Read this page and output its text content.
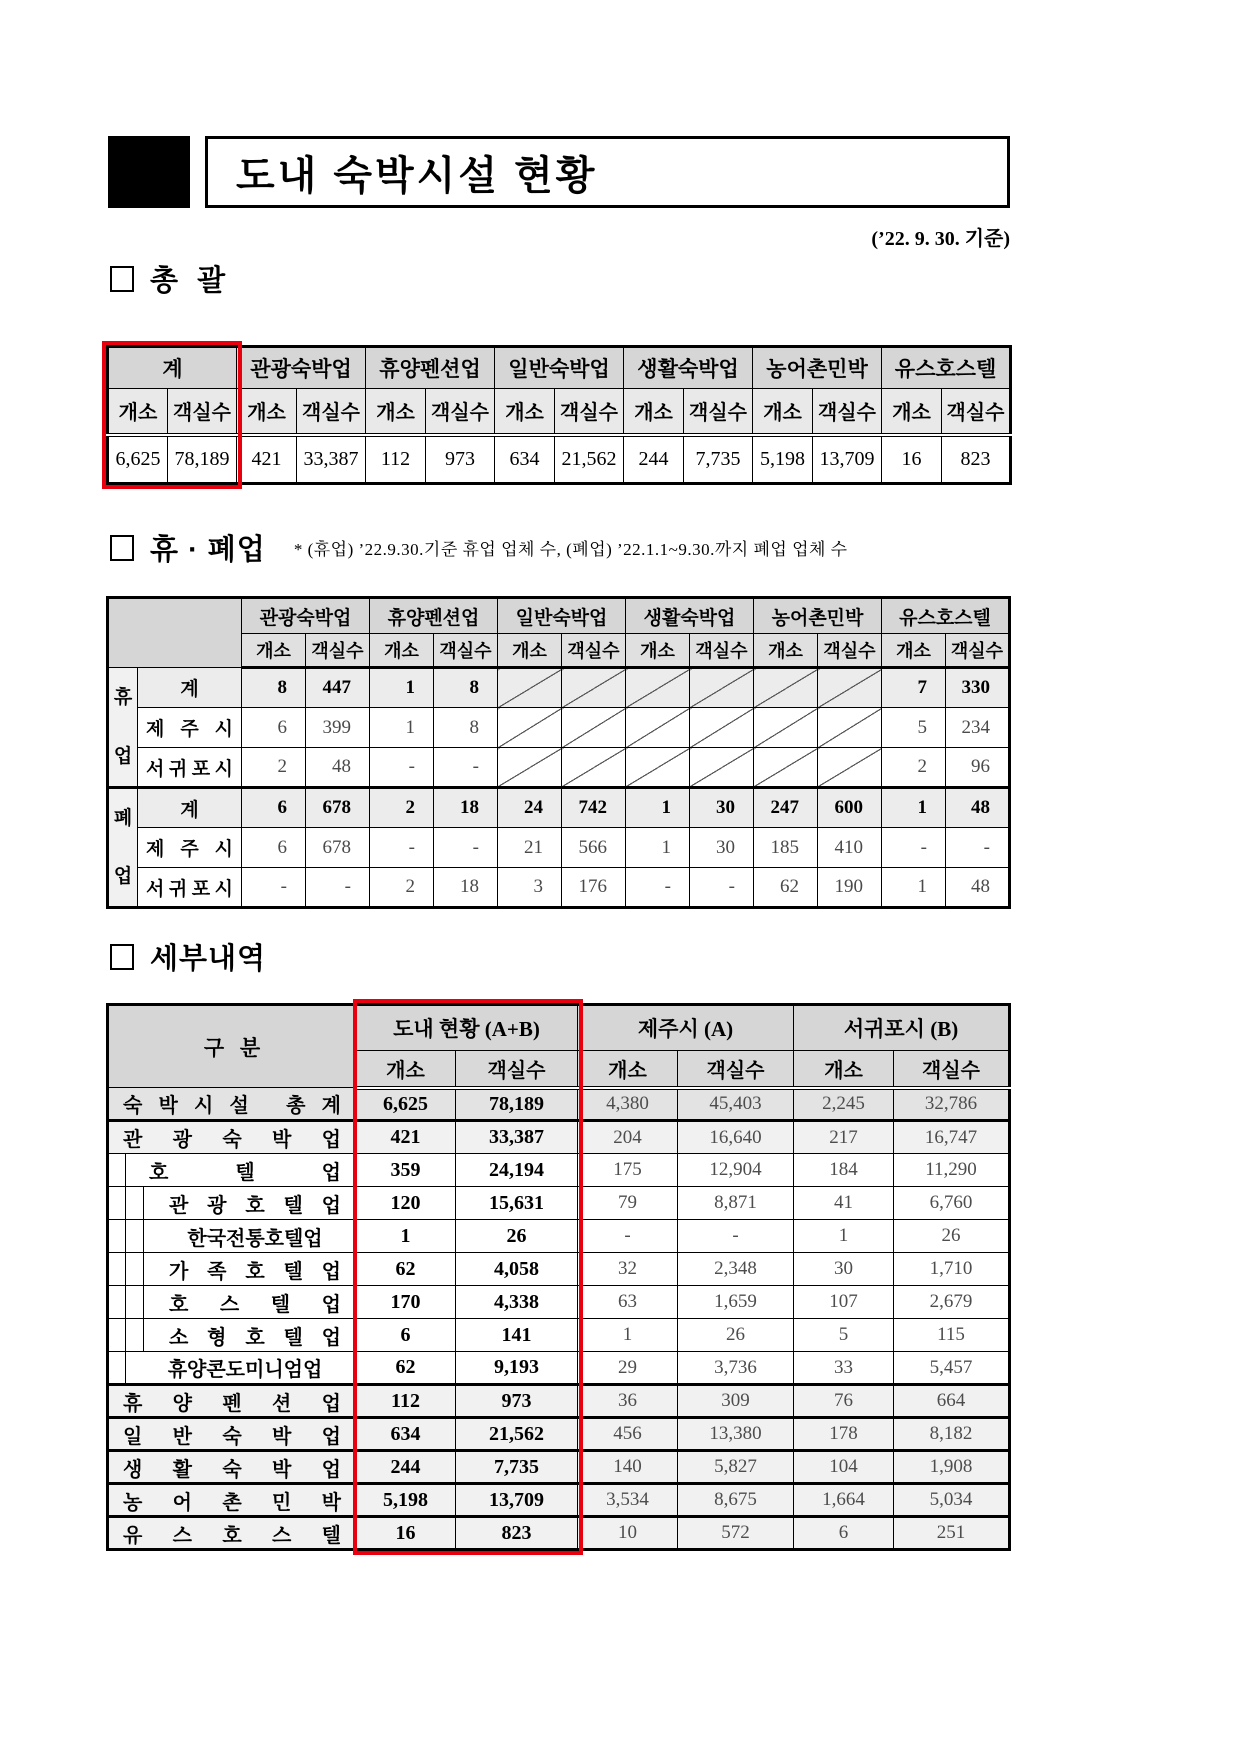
도내 숙박시설 현황
(’22. 9. 30. 기준)
총  괄
계		관광숙박업		휴양펜션업		일반숙박업		생활숙박업		농어촌민박		유스호스텔	
개소	객실수	개소	객실수	개소	객실수	개소	객실수	개소	객실수	개소	객실수	개소	객실수
6,625	78,189	421	33,387	112	973	634	21,562	244	7,735	5,198	13,709	16	823
휴 · 폐업 * (휴업) ’22.9.30.기준 휴업 업체 수, (폐업) ’22.1.1~9.30.까지 폐업 업체 수
		관광숙박업		휴양펜션업		일반숙박업		생활숙박업		농어촌민박		유스호스텔	
		개소	객실수	개소	객실수	개소	객실수	개소	객실수	개소	객실수	개소	객실수

휴
업	계	8	447	1	8							7	330

	제 주 시	6	399	1	8							5	234

	서 귀 포 시	2	48	-	-							2	96

폐
업	계	6	678	2	18	24	742	1	30	247	600	1	48

	제 주 시	6	678	-	-	21	566	1	30	185	410	-	-

	서 귀 포 시	-	-	2	18	3	176	-	-	62	190	1	48
세부내역
구   분	도내 현황 (A+B)		제주시 (A)		서귀포시 (B)	
	개소	객실수	개소	객실수	개소	객실수

숙 박 시 설
총 계	6,625	78,189	4,380	45,403	2,245	32,786

관 광 숙 박 업	421	33,387	204	16,640	217	16,747

호 텔 업	359	24,194	175	12,904	184	11,290

관 광 호 텔 업	120	15,631	79	8,871	41	6,760

한국전통호텔업	1	26	-	-	1	26

가 족 호 텔 업	62	4,058	32	2,348	30	1,710

호 스 텔 업	170	4,338	63	1,659	107	2,679

소 형 호 텔 업	6	141	1	26	5	115

휴양콘도미니엄업	62	9,193	29	3,736	33	5,457

휴 양 펜 션 업	112	973	36	309	76	664

일 반 숙 박 업	634	21,562	456	13,380	178	8,182

생 활 숙 박 업	244	7,735	140	5,827	104	1,908

농 어 촌 민 박	5,198	13,709	3,534	8,675	1,664	5,034

유 스 호 스 텔	16	823	10	572	6	251
